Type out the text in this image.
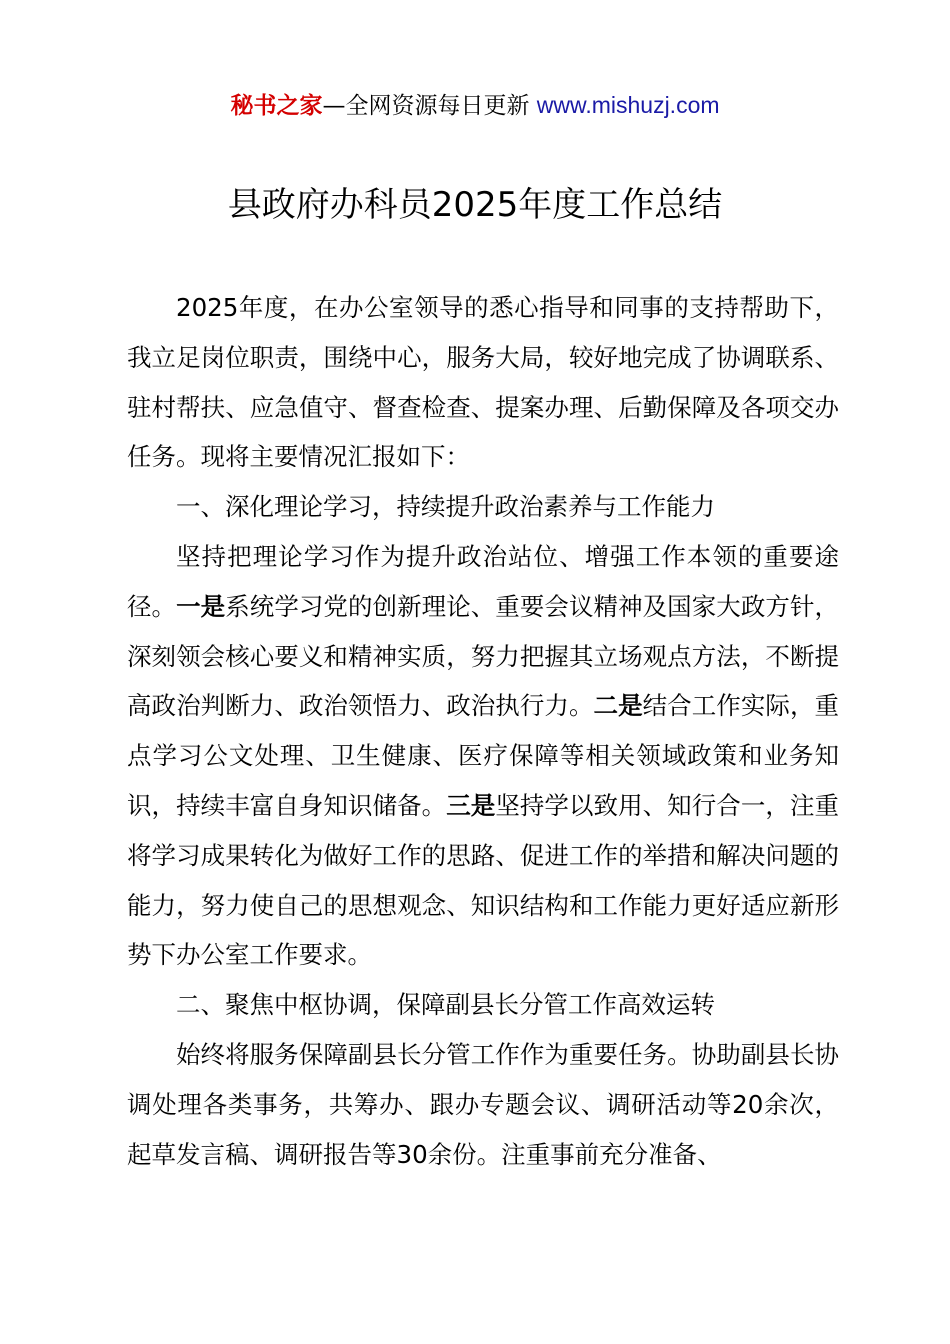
秘书之家—全网资源每日更新 www.mishuzj.com
县政府办科员2025年度工作总结

2025年度，在办公室领导的悉心指导和同事的支持帮助下，我立足岗位职责，围绕中心，服务大局，较好地完成了协调联系、驻村帮扶、应急值守、督查检查、提案办理、后勤保障及各项交办任务。现将主要情况汇报如下：

一、深化理论学习，持续提升政治素养与工作能力

坚持把理论学习作为提升政治站位、增强工作本领的重要途径。一是系统学习党的创新理论、重要会议精神及国家大政方针，深刻领会核心要义和精神实质，努力把握其立场观点方法，不断提高政治判断力、政治领悟力、政治执行力。二是结合工作实际，重点学习公文处理、卫生健康、医疗保障等相关领域政策和业务知识，持续丰富自身知识储备。三是坚持学以致用、知行合一，注重将学习成果转化为做好工作的思路、促进工作的举措和解决问题的能力，努力使自己的思想观念、知识结构和工作能力更好适应新形势下办公室工作要求。

二、聚焦中枢协调，保障副县长分管工作高效运转

始终将服务保障副县长分管工作作为重要任务。协助副县长协调处理各类事务，共筹办、跟办专题会议、调研活动等20余次，起草发言稿、调研报告等30余份。注重事前充分准备、
